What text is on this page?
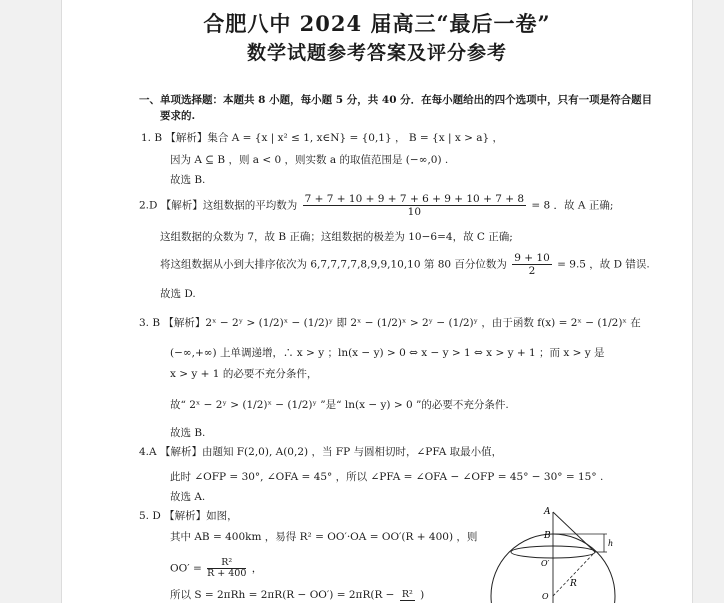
合肥八中 2024 届高三“最后一卷”
数学试题参考答案及评分参考
一、单项选择题：本题共 8 小题，每小题 5 分，共 40 分．在每小题给出的四个选项中，只有一项是符合题目
要求的.
1. B 【解析】集合 A = {x | x² ≤ 1, x∈N} = {0,1} ， B = {x | x > a} ，
因为 A ⊆ B ，则 a < 0 ，则实数 a 的取值范围是 (−∞,0) .
故选 B.
2.D 【解析】这组数据的平均数为 $\frac{7 + 7 + 10 + 9 + 7 + 6 + 9 + 10 + 7 + 8}{10} = 8$ ．故 A 正确;
这组数据的众数为 7，故 B 正确；这组数据的极差为 10−6=4，故 C 正确;
将这组数据从小到大排序依次为 6,7,7,7,7,8,9,9,10,10 第 80 百分位数为 $\frac{9 + 10}{2} = 9.5$ ，故 D 错误.
故选 D.
3. B 【解析】2ˣ − 2ʸ > (1/2)ˣ − (1/2)ʸ 即 2ˣ − (1/2)ˣ > 2ʸ − (1/2)ʸ ，由于函数 f(x) = 2ˣ − (1/2)ˣ 在
(−∞,+∞) 上单调递增，∴ x > y ；ln(x − y) > 0 ⇔ x − y > 1 ⇔ x > y + 1 ；而 x > y 是
x > y + 1 的必要不充分条件，
故“ 2ˣ − 2ʸ > (1/2)ˣ − (1/2)ʸ ”是“ ln(x − y) > 0 ”的必要不充分条件.
故选 B.
4.A 【解析】由题知 F(2,0), A(0,2) ，当 FP 与圆相切时，∠PFA 取最小值，
此时 ∠OFP = 30°, ∠OFA = 45° ，所以 ∠PFA = ∠OFA − ∠OFP = 45° − 30° = 15° .
故选 A.
5. D 【解析】如图，
其中 AB = 400km ，易得 R² = OO′·OA = OO′(R + 400) ，则
$OO' = \frac{\text{R²}}{R + 400}$ ，
所以 S = 2πRh = 2πR(R − OO′) = 2πR(R − R² )
A
B
O′
O
R
h
